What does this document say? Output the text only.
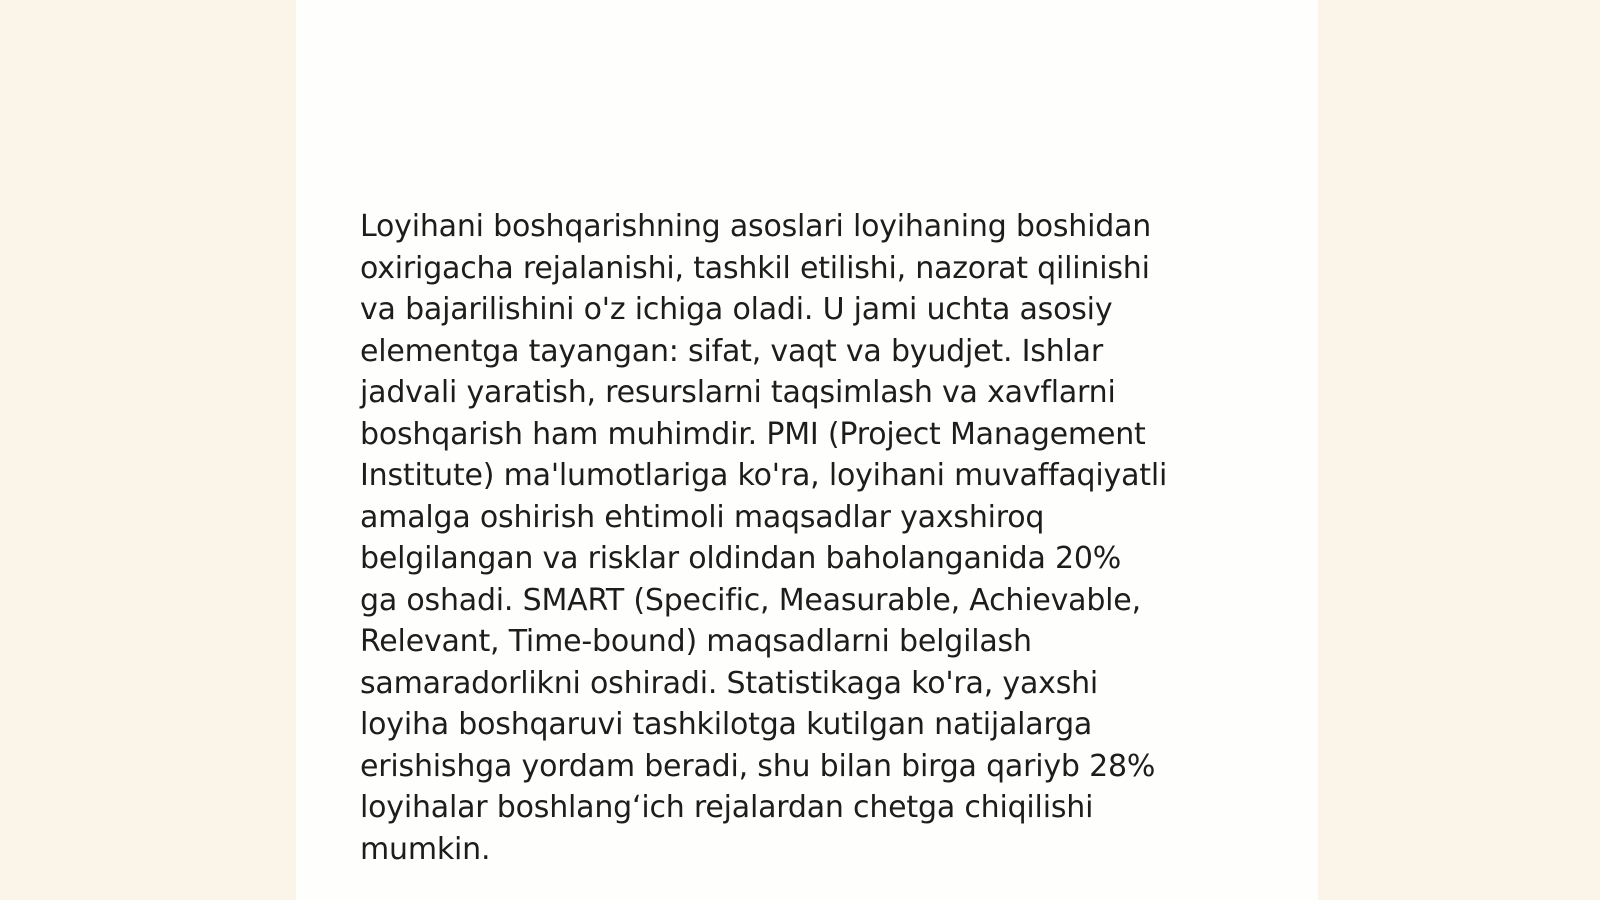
Loyihani boshqarishning asoslari loyihaning boshidan
oxirigacha rejalanishi, tashkil etilishi, nazorat qilinishi
va bajarilishini o'z ichiga oladi. U jami uchta asosiy
elementga tayangan: sifat, vaqt va byudjet. Ishlar
jadvali yaratish, resurslarni taqsimlash va xavflarni
boshqarish ham muhimdir. PMI (Project Management
Institute) ma'lumotlariga ko'ra, loyihani muvaffaqiyatli
amalga oshirish ehtimoli maqsadlar yaxshiroq
belgilangan va risklar oldindan baholanganida 20%
ga oshadi. SMART (Specific, Measurable, Achievable,
Relevant, Time-bound) maqsadlarni belgilash
samaradorlikni oshiradi. Statistikaga ko'ra, yaxshi
loyiha boshqaruvi tashkilotga kutilgan natijalarga
erishishga yordam beradi, shu bilan birga qariyb 28%
loyihalar boshlang‘ich rejalardan chetga chiqilishi
mumkin.
